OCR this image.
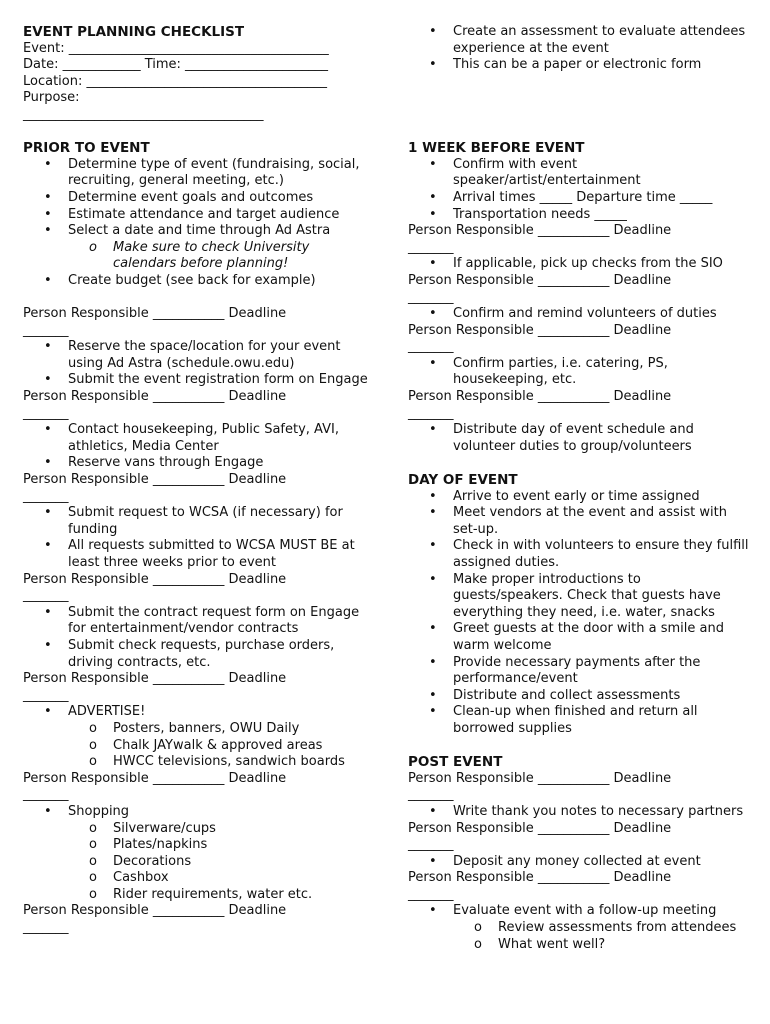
EVENT PLANNING CHECKLIST
Event: ________________________________________
Date: ____________ Time: ______________________
Location: _____________________________________
Purpose:
_____________________________________
PRIOR TO EVENT
• Determine type of event (fundraising, social, recruiting, general meeting, etc.)
• Determine event goals and outcomes
• Estimate attendance and target audience
• Select a date and time through Ad Astra
o Make sure to check University calendars before planning!
• Create budget (see back for example)
Person Responsible ___________ Deadline
_______
• Reserve the space/location for your event using Ad Astra (schedule.owu.edu)
• Submit the event registration form on Engage
Person Responsible ___________ Deadline
_______
• Contact housekeeping, Public Safety, AVI, athletics, Media Center
• Reserve vans through Engage
Person Responsible ___________ Deadline
_______
• Submit request to WCSA (if necessary) for funding
• All requests submitted to WCSA MUST BE at least three weeks prior to event
Person Responsible ___________ Deadline
_______
• Submit the contract request form on Engage for entertainment/vendor contracts
• Submit check requests, purchase orders, driving contracts, etc.
Person Responsible ___________ Deadline
_______
• ADVERTISE!
o Posters, banners, OWU Daily
o Chalk JAYwalk & approved areas
o HWCC televisions, sandwich boards
Person Responsible ___________ Deadline
_______
• Shopping
o Silverware/cups
o Plates/napkins
o Decorations
o Cashbox
o Rider requirements, water etc.
Person Responsible ___________ Deadline
_______
• Create an assessment to evaluate attendees experience at the event
• This can be a paper or electronic form
1 WEEK BEFORE EVENT
• Confirm with event speaker/artist/entertainment
• Arrival times _____ Departure time _____
• Transportation needs _____
Person Responsible ___________ Deadline
_______
• If applicable, pick up checks from the SIO
Person Responsible ___________ Deadline
_______
• Confirm and remind volunteers of duties
Person Responsible ___________ Deadline
_______
• Confirm parties, i.e. catering, PS, housekeeping, etc.
Person Responsible ___________ Deadline
_______
• Distribute day of event schedule and volunteer duties to group/volunteers
DAY OF EVENT
• Arrive to event early or time assigned
• Meet vendors at the event and assist with set-up.
• Check in with volunteers to ensure they fulfill assigned duties.
• Make proper introductions to guests/speakers. Check that guests have everything they need, i.e. water, snacks
• Greet guests at the door with a smile and warm welcome
• Provide necessary payments after the performance/event
• Distribute and collect assessments
• Clean-up when finished and return all borrowed supplies
POST EVENT
Person Responsible ___________ Deadline
_______
• Write thank you notes to necessary partners
Person Responsible ___________ Deadline
_______
• Deposit any money collected at event
Person Responsible ___________ Deadline
_______
• Evaluate event with a follow-up meeting
o Review assessments from attendees
o What went well?
